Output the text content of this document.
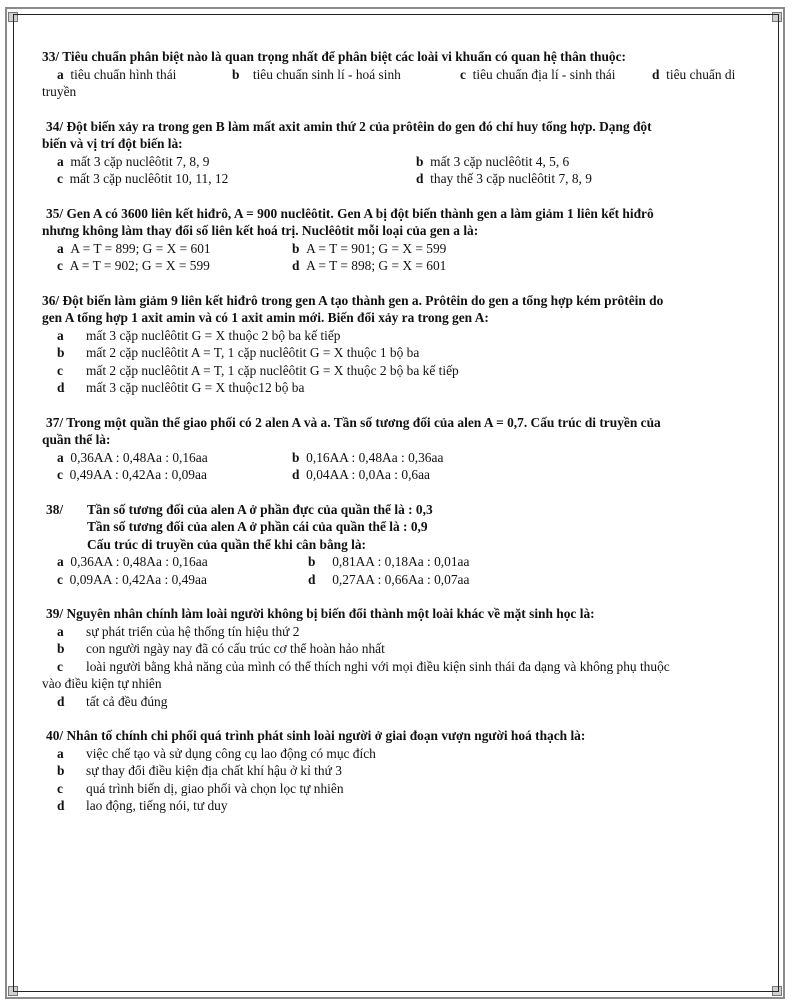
33/ Tiêu chuẩn phân biệt nào là quan trọng nhất để phân biệt các loài vi khuẩn có quan hệ thân thuộc:
a tiêu chuẩn hình thái	b tiêu chuẩn sinh lí - hoá sinh	c tiêu chuẩn địa lí - sinh thái	d tiêu chuẩn di
truyền
34/ Đột biến xảy ra trong gen B làm mất axit amin thứ 2 của prôtêin do gen đó chỉ huy tổng hợp. Dạng đột
biến và vị trí đột biến là:
a mất 3 cặp nuclêôtit 7, 8, 9	b mất 3 cặp nuclêôtit 4, 5, 6
c mất 3 cặp nuclêôtit 10, 11, 12	d thay thế 3 cặp nuclêôtit 7, 8, 9
35/ Gen A có 3600 liên kết hiđrô, A = 900 nuclêôtit. Gen A bị đột biến thành gen a làm giảm 1 liên kết hiđrô
nhưng không làm thay đổi số liên kết hoá trị. Nuclêôtit mỗi loại của gen a là:
a A = T = 899; G = X = 601	b A = T = 901; G = X = 599
c A = T = 902; G = X = 599	d A = T = 898; G = X = 601
36/ Đột biến làm giảm 9 liên kết hiđrô trong gen A tạo thành gen a. Prôtêin do gen a tổng hợp kém prôtêin do
gen A tổng hợp 1 axit amin và có 1 axit amin mới. Biến đổi xảy ra trong gen A:
a mất 3 cặp nuclêôtit G = X thuộc 2 bộ ba kế tiếp
b mất 2 cặp nuclêôtit A = T, 1 cặp nuclêôtit G = X thuộc 1 bộ ba
c mất 2 cặp nuclêôtit A = T, 1 cặp nuclêôtit G = X thuộc 2 bộ ba kế tiếp
d mất 3 cặp nuclêôtit G = X thuộc12 bộ ba
37/ Trong một quần thể giao phối có 2 alen A và a. Tần số tương đối của alen A = 0,7. Cấu trúc di truyền của
quần thể là:
a 0,36AA : 0,48Aa : 0,16aa	b 0,16AA : 0,48Aa : 0,36aa
c 0,49AA : 0,42Aa : 0,09aa	d 0,04AA : 0,0Aa : 0,6aa
38/ Tần số tương đối của alen A ở phần đực của quần thể là : 0,3
Tần số tương đối của alen A ở phần cái của quần thể là : 0,9
Cấu trúc di truyền của quần thể khi cân bằng là:
a 0,36AA : 0,48Aa : 0,16aa	b 0,81AA : 0,18Aa : 0,01aa
c 0,09AA : 0,42Aa : 0,49aa	d 0,27AA : 0,66Aa : 0,07aa
39/ Nguyên nhân chính làm loài người không bị biến đổi thành một loài khác về mặt sinh học là:
a sự phát triển của hệ thống tín hiệu thứ 2
b con người ngày nay đã có cấu trúc cơ thể hoàn hảo nhất
c loài người bằng khả năng của mình có thể thích nghi với mọi điều kiện sinh thái đa dạng và không phụ thuộc
vào điều kiện tự nhiên
d tất cả đều đúng
40/ Nhân tố chính chi phối quá trình phát sinh loài người ở giai đoạn vượn người hoá thạch là:
a việc chế tạo và sử dụng công cụ lao động có mục đích
b sự thay đổi điều kiện địa chất khí hậu ở kỉ thứ 3
c quá trình biến dị, giao phối và chọn lọc tự nhiên
d lao động, tiếng nói, tư duy
